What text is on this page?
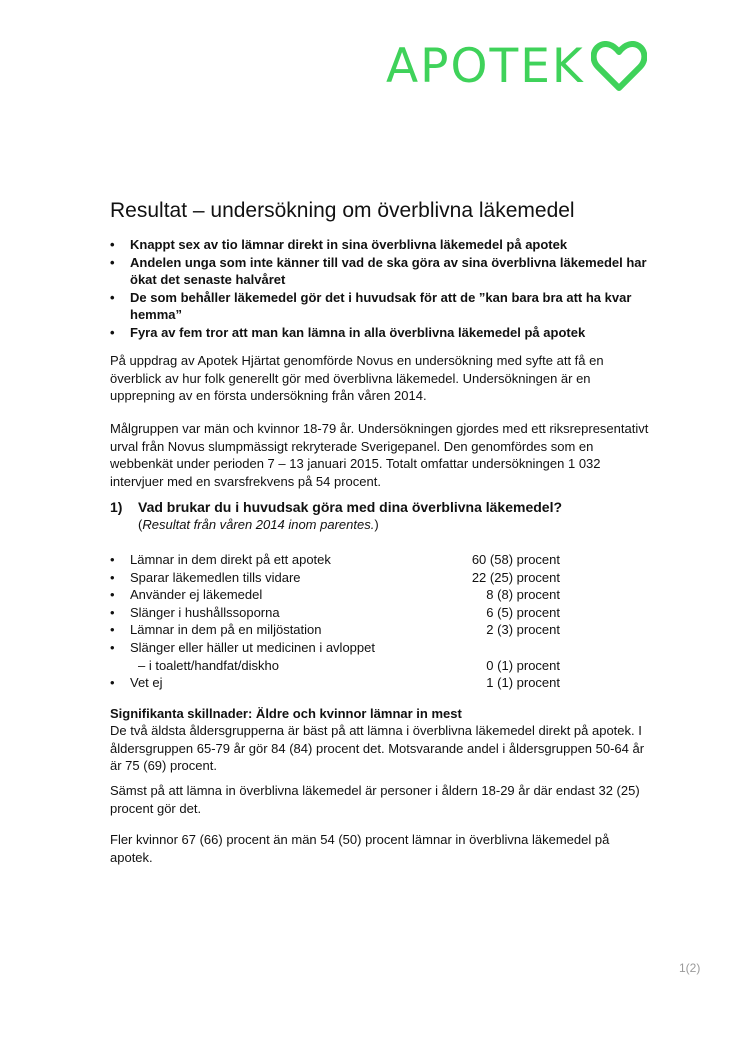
APOTEK
Resultat – undersökning om överblivna läkemedel
• Knappt sex av tio lämnar direkt in sina överblivna läkemedel på apotek
• Andelen unga som inte känner till vad de ska göra av sina överblivna läkemedel har ökat det senaste halvåret
• De som behåller läkemedel gör det i huvudsak för att de ”kan bara bra att ha kvar hemma”
• Fyra av fem tror att man kan lämna in alla överblivna läkemedel på apotek

På uppdrag av Apotek Hjärtat genomförde Novus en undersökning med syfte att få en överblick av hur folk generellt gör med överblivna läkemedel. Undersökningen är en upprepning av en första undersökning från våren 2014.

Målgruppen var män och kvinnor 18-79 år. Undersökningen gjordes med ett riksrepresentativt urval från Novus slumpmässigt rekryterade Sverigepanel. Den genomfördes som en webbenkät under perioden 7 – 13 januari 2015. Totalt omfattar undersökningen 1 032 intervjuer med en svarsfrekvens på 54 procent.

1) Vad brukar du i huvudsak göra med dina överblivna läkemedel?
(Resultat från våren 2014 inom parentes.)
• Lämnar in dem direkt på ett apotek	60 (58) procent
• Sparar läkemedlen tills vidare	22 (25) procent
• Använder ej läkemedel	8 (8) procent
• Slänger i hushållssoporna	6 (5) procent
• Lämnar in dem på en miljöstation	2 (3) procent
• Slänger eller häller ut medicinen i avloppet
– i toalett/handfat/diskho	0 (1) procent
• Vet ej	1 (1) procent
Signifikanta skillnader: Äldre och kvinnor lämnar in mest

De två äldsta åldersgrupperna är bäst på att lämna i överblivna läkemedel direkt på apotek. I åldersgruppen 65-79 år gör 84 (84) procent det. Motsvarande andel i åldersgruppen 50-64 år är 75 (69) procent.

Sämst på att lämna in överblivna läkemedel är personer i åldern 18-29 år där endast 32 (25) procent gör det.

Fler kvinnor 67 (66) procent än män 54 (50) procent lämnar in överblivna läkemedel på apotek.

1(2)
